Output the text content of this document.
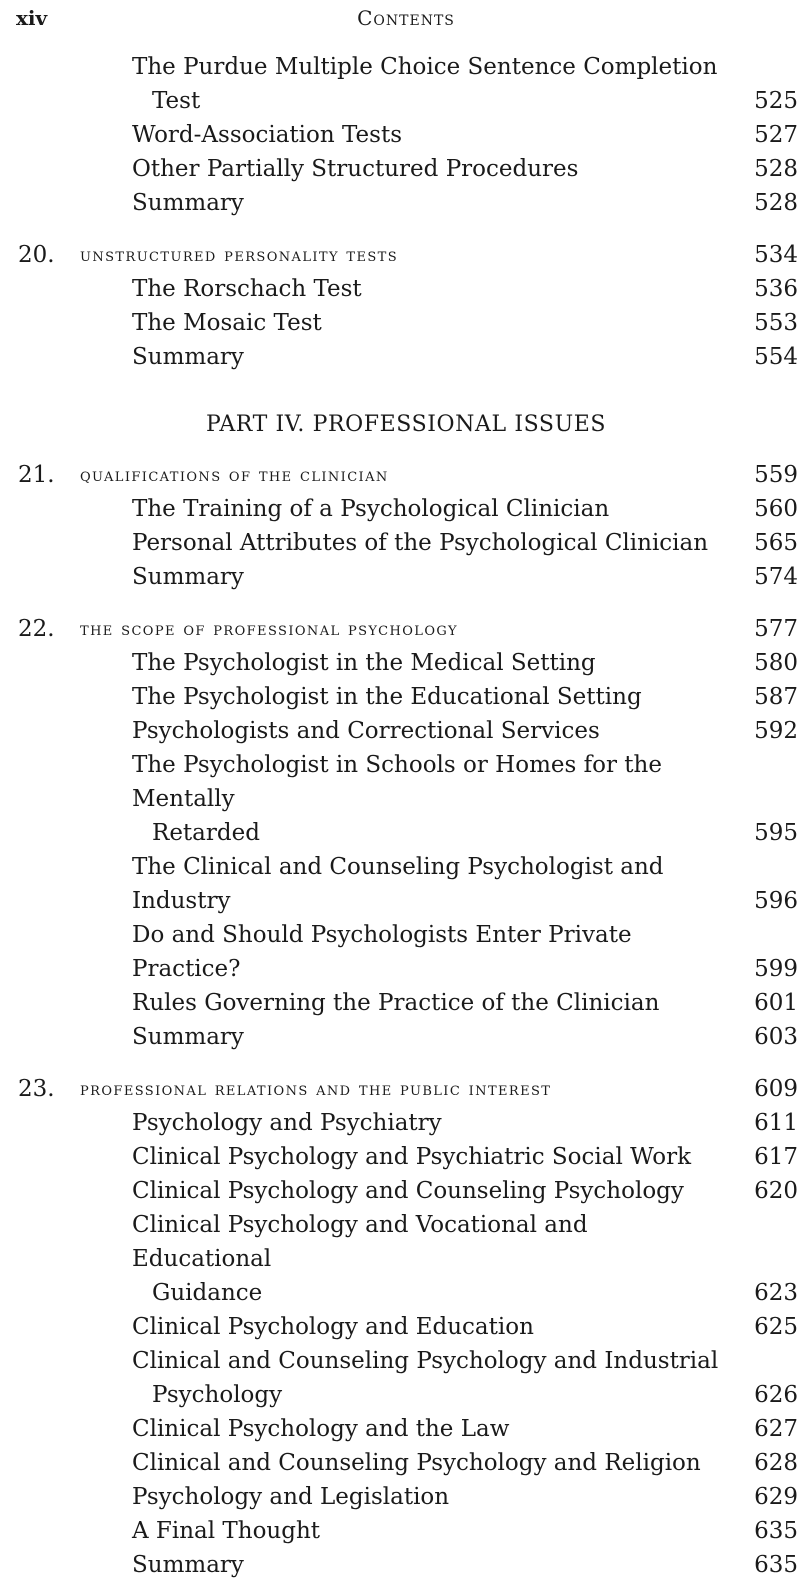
xiv	Contents
The Purdue Multiple Choice Sentence Completion
Test	525
Word-Association Tests	527
Other Partially Structured Procedures	528
Summary	528
20. unstructured personality tests	534
The Rorschach Test	536
The Mosaic Test	553
Summary	554
PART IV. PROFESSIONAL ISSUES
21. qualifications of the clinician	559
The Training of a Psychological Clinician	560
Personal Attributes of the Psychological Clinician	565
Summary	574
22. the scope of professional psychology	577
The Psychologist in the Medical Setting	580
The Psychologist in the Educational Setting	587
Psychologists and Correctional Services	592
The Psychologist in Schools or Homes for the Mentally
Retarded	595
The Clinical and Counseling Psychologist and Industry	596
Do and Should Psychologists Enter Private Practice?	599
Rules Governing the Practice of the Clinician	601
Summary	603
23. professional relations and the public interest	609
Psychology and Psychiatry	611
Clinical Psychology and Psychiatric Social Work	617
Clinical Psychology and Counseling Psychology	620
Clinical Psychology and Vocational and Educational
Guidance	623
Clinical Psychology and Education	625
Clinical and Counseling Psychology and Industrial
Psychology	626
Clinical Psychology and the Law	627
Clinical and Counseling Psychology and Religion	628
Psychology and Legislation	629
A Final Thought	635
Summary	635
